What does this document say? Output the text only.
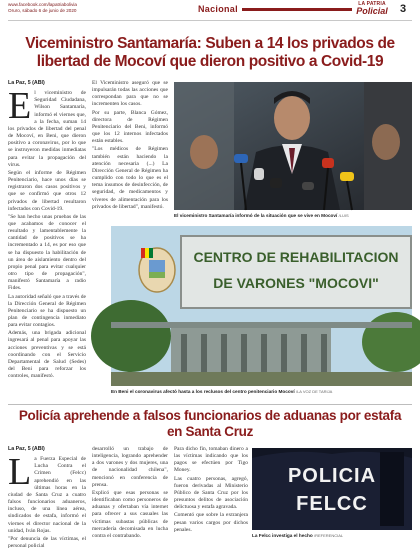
www.facebook.com/lapatriabolivia
Oruro, sábado 6 de junio de 2020	Nacional	LA PATRIA
Policial	3
Viceministro Santamaría: Suben a 14 los privados de libertad de Mocoví que dieron positivo a Covid-19
La Paz, 5 (ABI)
E l viceministro de Seguridad Ciudadana, Wilson Santamaría, informó el viernes que, a la fecha, suman 14 los privados de libertad del penal de Mocoví, en Beni, que dieron positivo a coronavirus, por lo que se instruyeron medidas inmediatas para evitar la propagación del virus.

Según el informe de Régimen Penitenciario, hace unos días se registraron dos casos positivos y que se confirmó que otros 12 privados de libertad resultaron infectados con Covid-19.

"Se han hecho unas pruebas de las que acabamos de conocer el resultado y lamentablemente la cantidad de positivos se ha incrementado a 14, es por eso que se ha dispuesto la habilitación de un área de aislamiento dentro del propio penal para evitar cualquier otro tipo de propagación", manifestó Santamaría a radio Fides.

La autoridad señaló que a través de la Dirección General de Régimen Penitenciario se ha dispuesto un plan de contingencia inmediato para evitar contagios.

Además, una brigada adicional ingresará al penal para apoyar las acciones preventivas y se está coordinando con el Servicio Departamental de Salud (Sedes) del Beni para reforzar los controles, manifestó.

El Viceministro aseguró que se impulsarán todas las acciones que correspondan para que no se incrementen los casos.

Por su parte, Blanca Gómez, directora de Régimen Penitenciario del Beni, informó que los 12 internos infectados están estables.

"Los médicos de Régimen también están haciendo la atención necesaria (...) La Dirección General de Régimen ha cumplido con todo lo que es el tema insumos de desinfección, de seguridad, de medicamentos y víveres de alimentación para los privados de libertad", manifestó.

El viceministro Santamaría informó de la situación que se vive en Mocoví /LUIS
CENTRO DE REHABILITACION
DE VARONES "MOCOVI"
En Beni el coronavirus afectó hasta a los reclusos del centro penitenciario Mocoví /LA VOZ DE TARIJA
Policía aprehende a falsos funcionarios de aduanas por estafa en Santa Cruz
La Paz, 5 (ABI)
L a Fuerza Especial de Lucha Contra el Crimen (Felcc) aprehendió en las últimas horas en la ciudad de Santa Cruz a cuatro falsos funcionarios aduaneros, incluso, de una línea aérea, sindicados de estafa, informó el viernes el director nacional de la unidad, Iván Rojas.

"Por denuncia de las víctimas, el personal policial

desarrolló un trabajo de inteligencia, logrando aprehender a dos varones y dos mujeres, una de nacionalidad chilena", mencionó en conferencia de prensa.

Explicó que esas personas se identificaban como personeros de aduanas y ofertaban vía internet para ofrecer a sus casuales las víctimas subastas públicas de mercadería decomisada en lucha contra el contrabando.

Para dicho fin, tomaban dinero a las víctimas indicando que los pagos se efectúen por Tigo Money.

Las cuatro personas, agregó, fueron derivadas al Ministerio Público de Santa Cruz por los presuntos delitos de asociación delictuosa y estafa agravada.

Comentó que sobre la extranjera pesan varios cargos por dichos penales.

POLICIA
FELCC
La Felcc investiga el hecho /REFERENCIAL
